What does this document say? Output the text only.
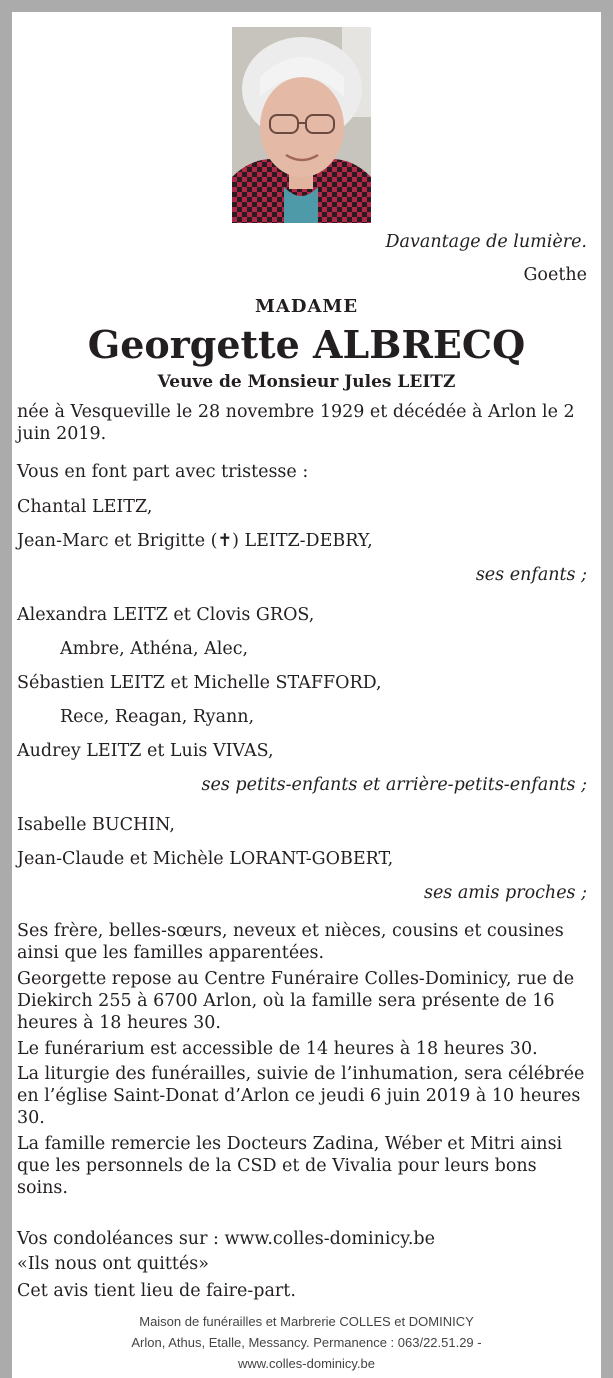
Davantage de lumière.

Goethe

MADAME
Georgette ALBRECQ
Veuve de Monsieur Jules LEITZ

née à Vesqueville le 28 novembre 1929 et décédée à Arlon le 2 juin 2019.

Vous en font part avec tristesse :

Chantal LEITZ,

Jean-Marc et Brigitte (✝) LEITZ-DEBRY,

ses enfants ;

Alexandra LEITZ et Clovis GROS,

Ambre, Athéna, Alec,

Sébastien LEITZ et Michelle STAFFORD,

Rece, Reagan, Ryann,

Audrey LEITZ et Luis VIVAS,

ses petits-enfants et arrière-petits-enfants ;

Isabelle BUCHIN,

Jean-Claude et Michèle LORANT-GOBERT,

ses amis proches ;

Ses frère, belles-sœurs, neveux et nièces, cousins et cousines ainsi que les familles apparentées.

Georgette repose au Centre Funéraire Colles-Dominicy, rue de Diekirch 255 à 6700 Arlon, où la famille sera présente de 16 heures à 18 heures 30.

Le funérarium est accessible de 14 heures à 18 heures 30.

La liturgie des funérailles, suivie de l’inhumation, sera célébrée en l’église Saint-Donat d’Arlon ce jeudi 6 juin 2019 à 10 heures 30.

La famille remercie les Docteurs Zadina, Wéber et Mitri ainsi que les personnels de la CSD et de Vivalia pour leurs bons soins.

Vos condoléances sur : www.colles-dominicy.be

«Ils nous ont quittés»

Cet avis tient lieu de faire-part.

Maison de funérailles et Marbrerie COLLES et DOMINICY
Arlon, Athus, Etalle, Messancy. Permanence : 063/22.51.29 -
www.colles-dominicy.be
